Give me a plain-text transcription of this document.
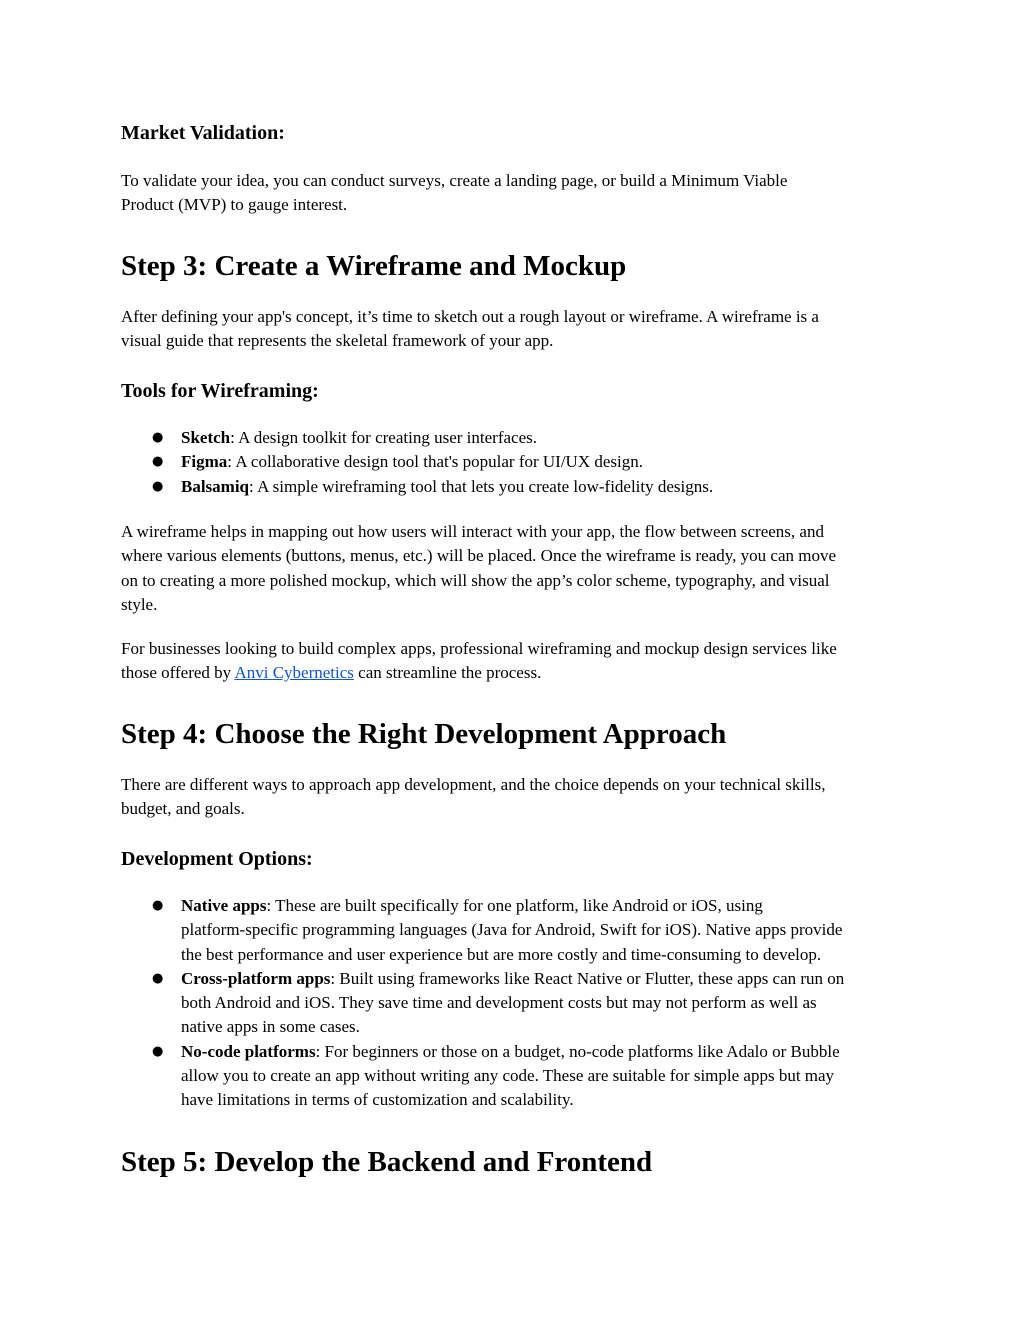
Market Validation:

To validate your idea, you can conduct surveys, create a landing page, or build a Minimum Viable
Product (MVP) to gauge interest.

Step 3: Create a Wireframe and Mockup

After defining your app's concept, it’s time to sketch out a rough layout or wireframe. A wireframe is a
visual guide that represents the skeletal framework of your app.

Tools for Wireframing:
● Sketch: A design toolkit for creating user interfaces.
● Figma: A collaborative design tool that's popular for UI/UX design.
● Balsamiq: A simple wireframing tool that lets you create low-fidelity designs.

A wireframe helps in mapping out how users will interact with your app, the flow between screens, and
where various elements (buttons, menus, etc.) will be placed. Once the wireframe is ready, you can move
on to creating a more polished mockup, which will show the app’s color scheme, typography, and visual
style.

For businesses looking to build complex apps, professional wireframing and mockup design services like
those offered by Anvi Cybernetics can streamline the process.

Step 4: Choose the Right Development Approach

There are different ways to approach app development, and the choice depends on your technical skills,
budget, and goals.

Development Options:
● Native apps: These are built specifically for one platform, like Android or iOS, using
platform-specific programming languages (Java for Android, Swift for iOS). Native apps provide
the best performance and user experience but are more costly and time-consuming to develop.
● Cross-platform apps: Built using frameworks like React Native or Flutter, these apps can run on
both Android and iOS. They save time and development costs but may not perform as well as
native apps in some cases.
● No-code platforms: For beginners or those on a budget, no-code platforms like Adalo or Bubble
allow you to create an app without writing any code. These are suitable for simple apps but may
have limitations in terms of customization and scalability.
Step 5: Develop the Backend and Frontend
